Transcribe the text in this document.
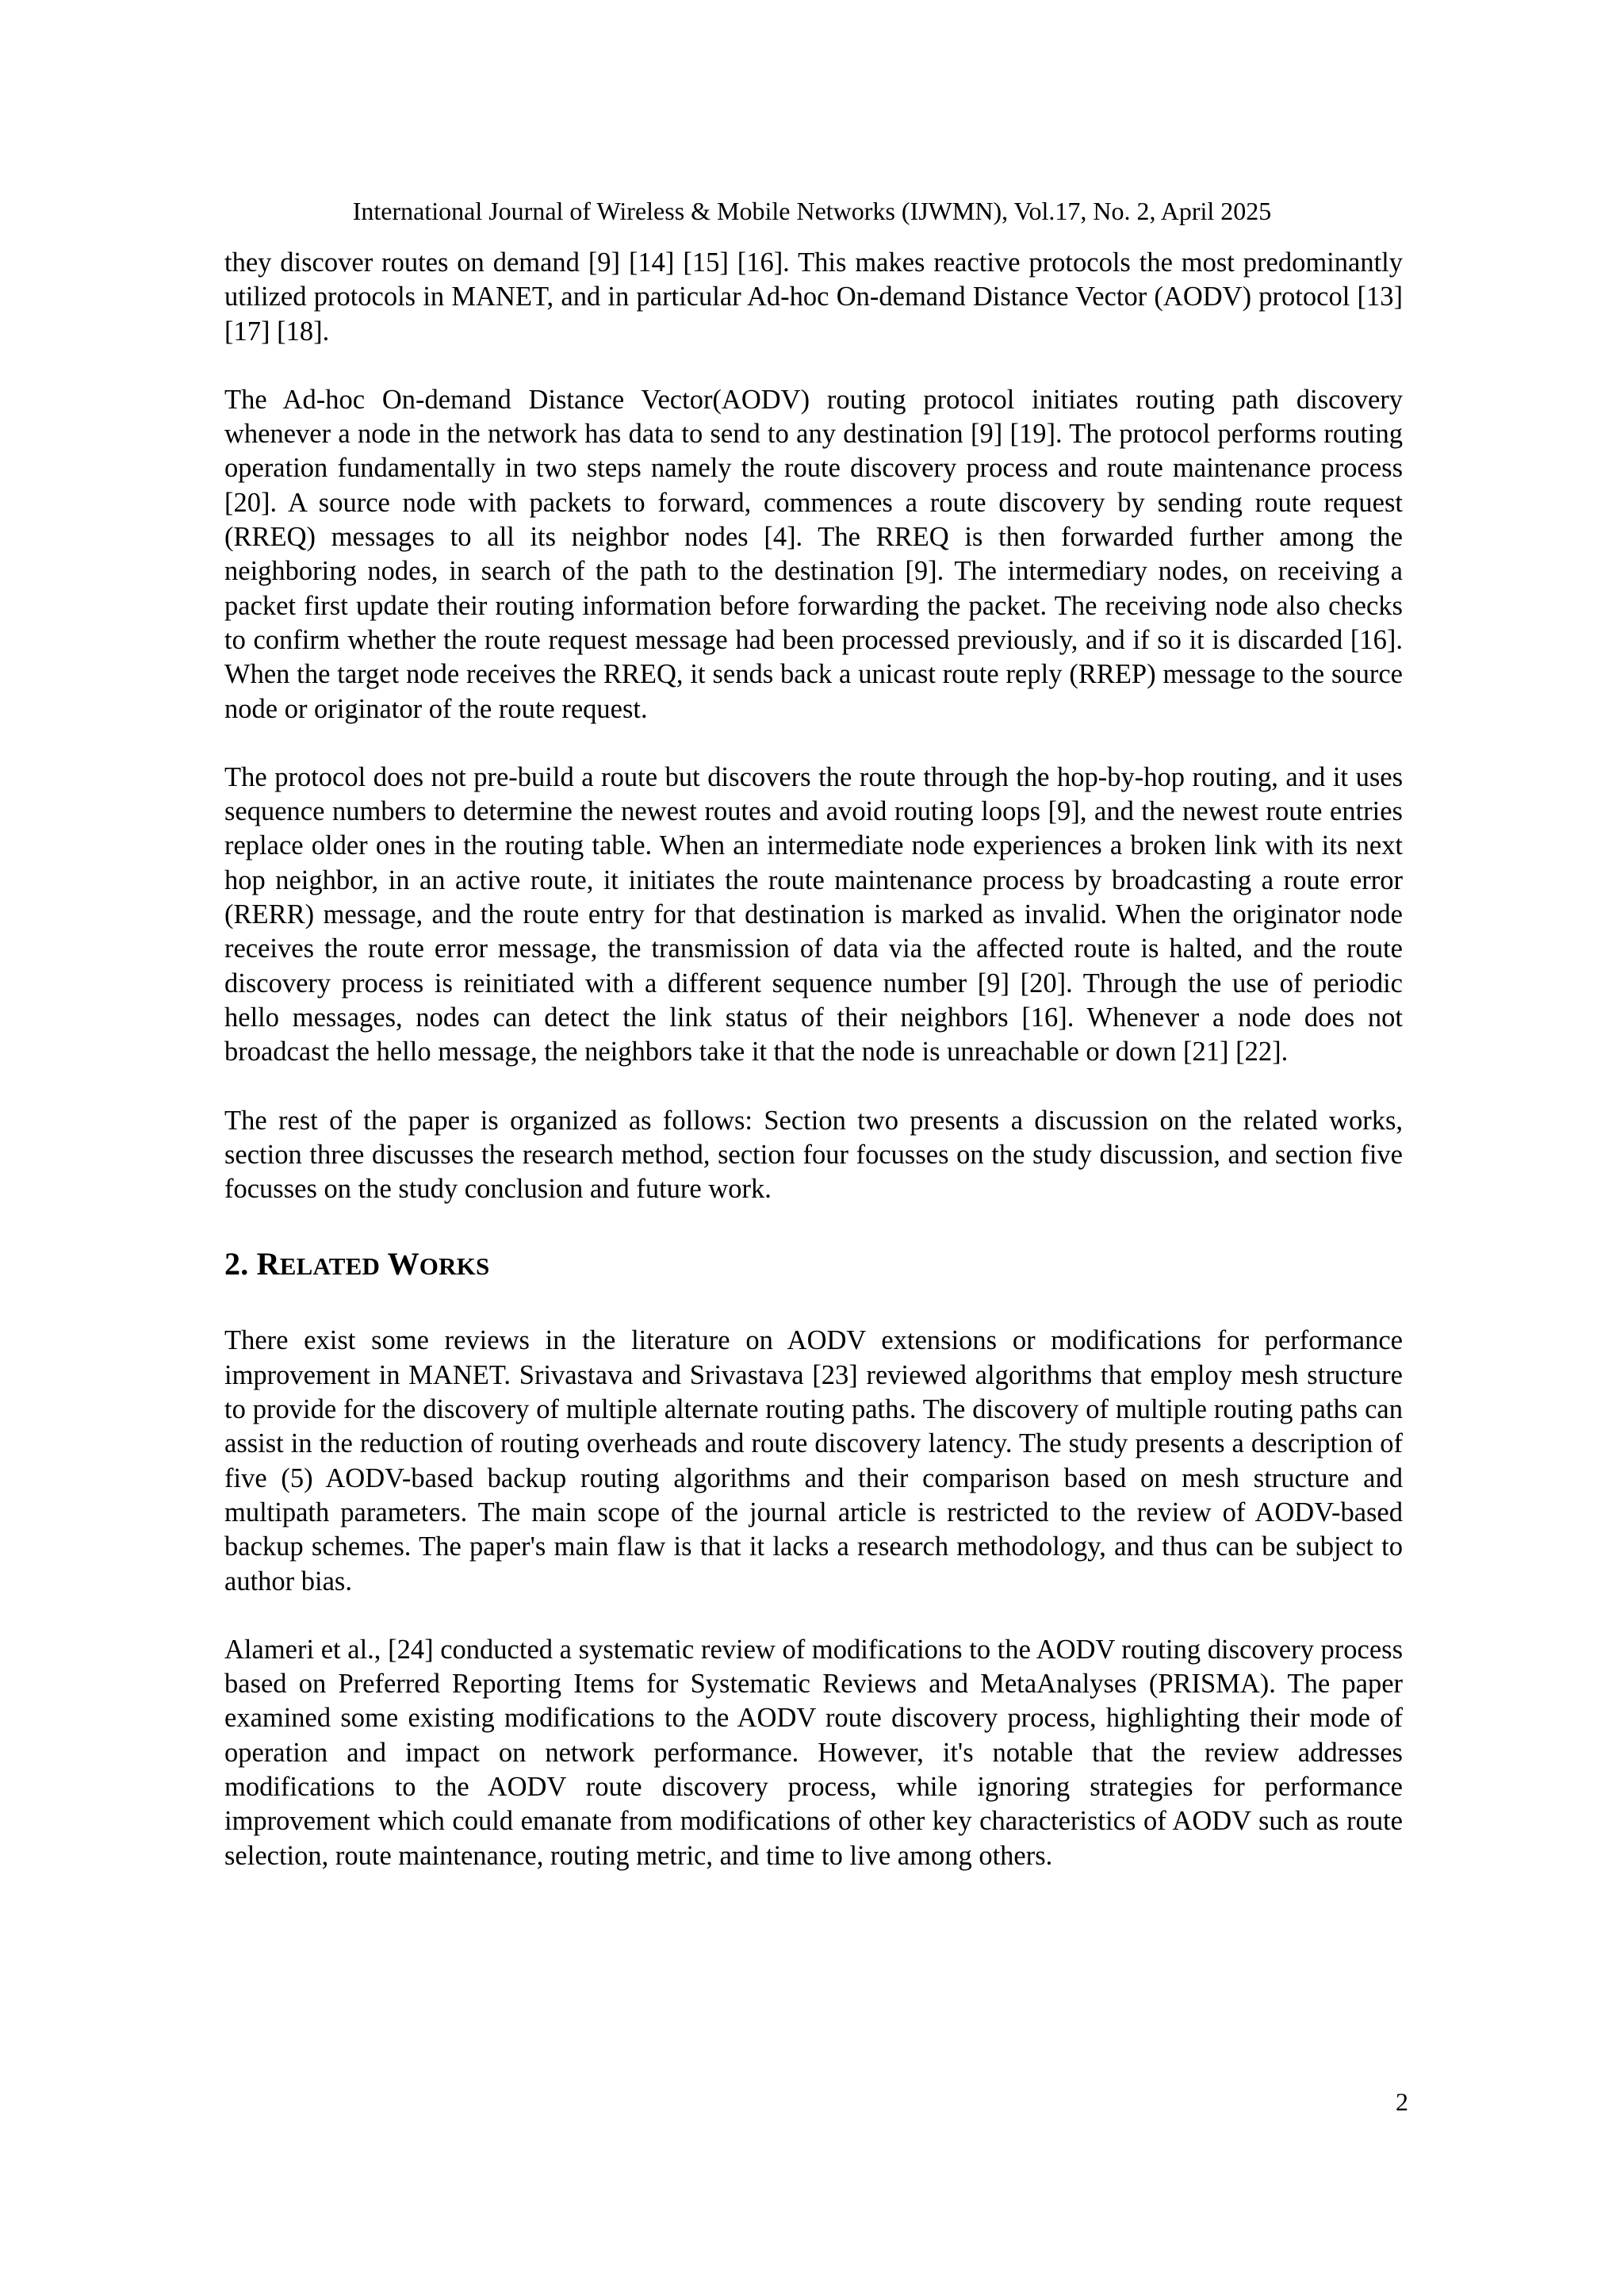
International Journal of Wireless & Mobile Networks (IJWMN), Vol.17, No. 2, April 2025

they discover routes on demand [9] [14] [15] [16]. This makes reactive protocols the most predominantly utilized protocols in MANET, and in particular Ad-hoc On-demand Distance Vector (AODV) protocol [13] [17] [18].

The Ad-hoc On-demand Distance Vector(AODV) routing protocol initiates routing path discovery whenever a node in the network has data to send to any destination [9] [19]. The protocol performs routing operation fundamentally in two steps namely the route discovery process and route maintenance process [20]. A source node with packets to forward, commences a route discovery by sending route request (RREQ) messages to all its neighbor nodes [4]. The RREQ is then forwarded further among the neighboring nodes, in search of the path to the destination [9]. The intermediary nodes, on receiving a packet first update their routing information before forwarding the packet. The receiving node also checks to confirm whether the route request message had been processed previously, and if so it is discarded [16]. When the target node receives the RREQ, it sends back a unicast route reply (RREP) message to the source node or originator of the route request.

The protocol does not pre-build a route but discovers the route through the hop-by-hop routing, and it uses sequence numbers to determine the newest routes and avoid routing loops [9], and the newest route entries replace older ones in the routing table. When an intermediate node experiences a broken link with its next hop neighbor, in an active route, it initiates the route maintenance process by broadcasting a route error (RERR) message, and the route entry for that destination is marked as invalid. When the originator node receives the route error message, the transmission of data via the affected route is halted, and the route discovery process is reinitiated with a different sequence number [9] [20]. Through the use of periodic hello messages, nodes can detect the link status of their neighbors [16]. Whenever a node does not broadcast the hello message, the neighbors take it that the node is unreachable or down [21] [22].

The rest of the paper is organized as follows: Section two presents a discussion on the related works, section three discusses the research method, section four focusses on the study discussion, and section five focusses on the study conclusion and future work.

2. RELATED WORKS

There exist some reviews in the literature on AODV extensions or modifications for performance improvement in MANET. Srivastava and Srivastava [23] reviewed algorithms that employ mesh structure to provide for the discovery of multiple alternate routing paths. The discovery of multiple routing paths can assist in the reduction of routing overheads and route discovery latency. The study presents a description of five (5) AODV-based backup routing algorithms and their comparison based on mesh structure and multipath parameters. The main scope of the journal article is restricted to the review of AODV-based backup schemes. The paper's main flaw is that it lacks a research methodology, and thus can be subject to author bias.

Alameri et al., [24] conducted a systematic review of modifications to the AODV routing discovery process based on Preferred Reporting Items for Systematic Reviews and MetaAnalyses (PRISMA). The paper examined some existing modifications to the AODV route discovery process, highlighting their mode of operation and impact on network performance. However, it's notable that the review addresses modifications to the AODV route discovery process, while ignoring strategies for performance improvement which could emanate from modifications of other key characteristics of AODV such as route selection, route maintenance, routing metric, and time to live among others.

2
